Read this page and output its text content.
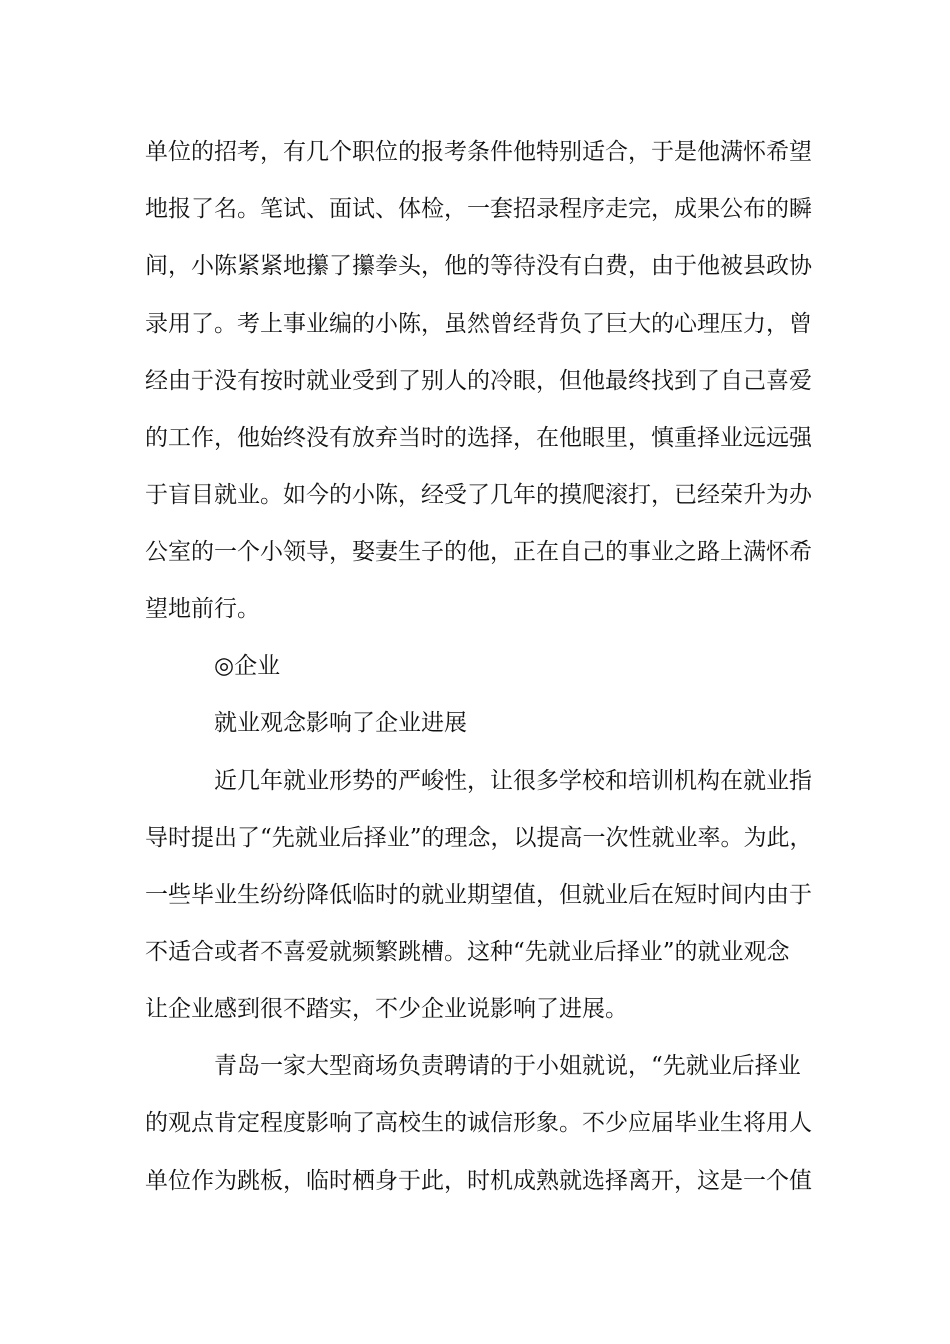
单位的招考，有几个职位的报考条件他特别适合，于是他满怀希望
地报了名。笔试、面试、体检，一套招录程序走完，成果公布的瞬
间，小陈紧紧地攥了攥拳头，他的等待没有白费，由于他被县政协
录用了。考上事业编的小陈，虽然曾经背负了巨大的心理压力，曾
经由于没有按时就业受到了别人的冷眼，但他最终找到了自己喜爱
的工作，他始终没有放弃当时的选择，在他眼里，慎重择业远远强
于盲目就业。如今的小陈，经受了几年的摸爬滚打，已经荣升为办
公室的一个小领导，娶妻生子的他，正在自己的事业之路上满怀希
望地前行。
◎企业
就业观念影响了企业进展
近几年就业形势的严峻性，让很多学校和培训机构在就业指
导时提出了“先就业后择业”的理念，以提高一次性就业率。为此，
一些毕业生纷纷降低临时的就业期望值，但就业后在短时间内由于
不适合或者不喜爱就频繁跳槽。这种“先就业后择业”的就业观念
让企业感到很不踏实，不少企业说影响了进展。
青岛一家大型商场负责聘请的于小姐就说，“先就业后择业
的观点肯定程度影响了高校生的诚信形象。不少应届毕业生将用人
单位作为跳板，临时栖身于此，时机成熟就选择离开，这是一个值
